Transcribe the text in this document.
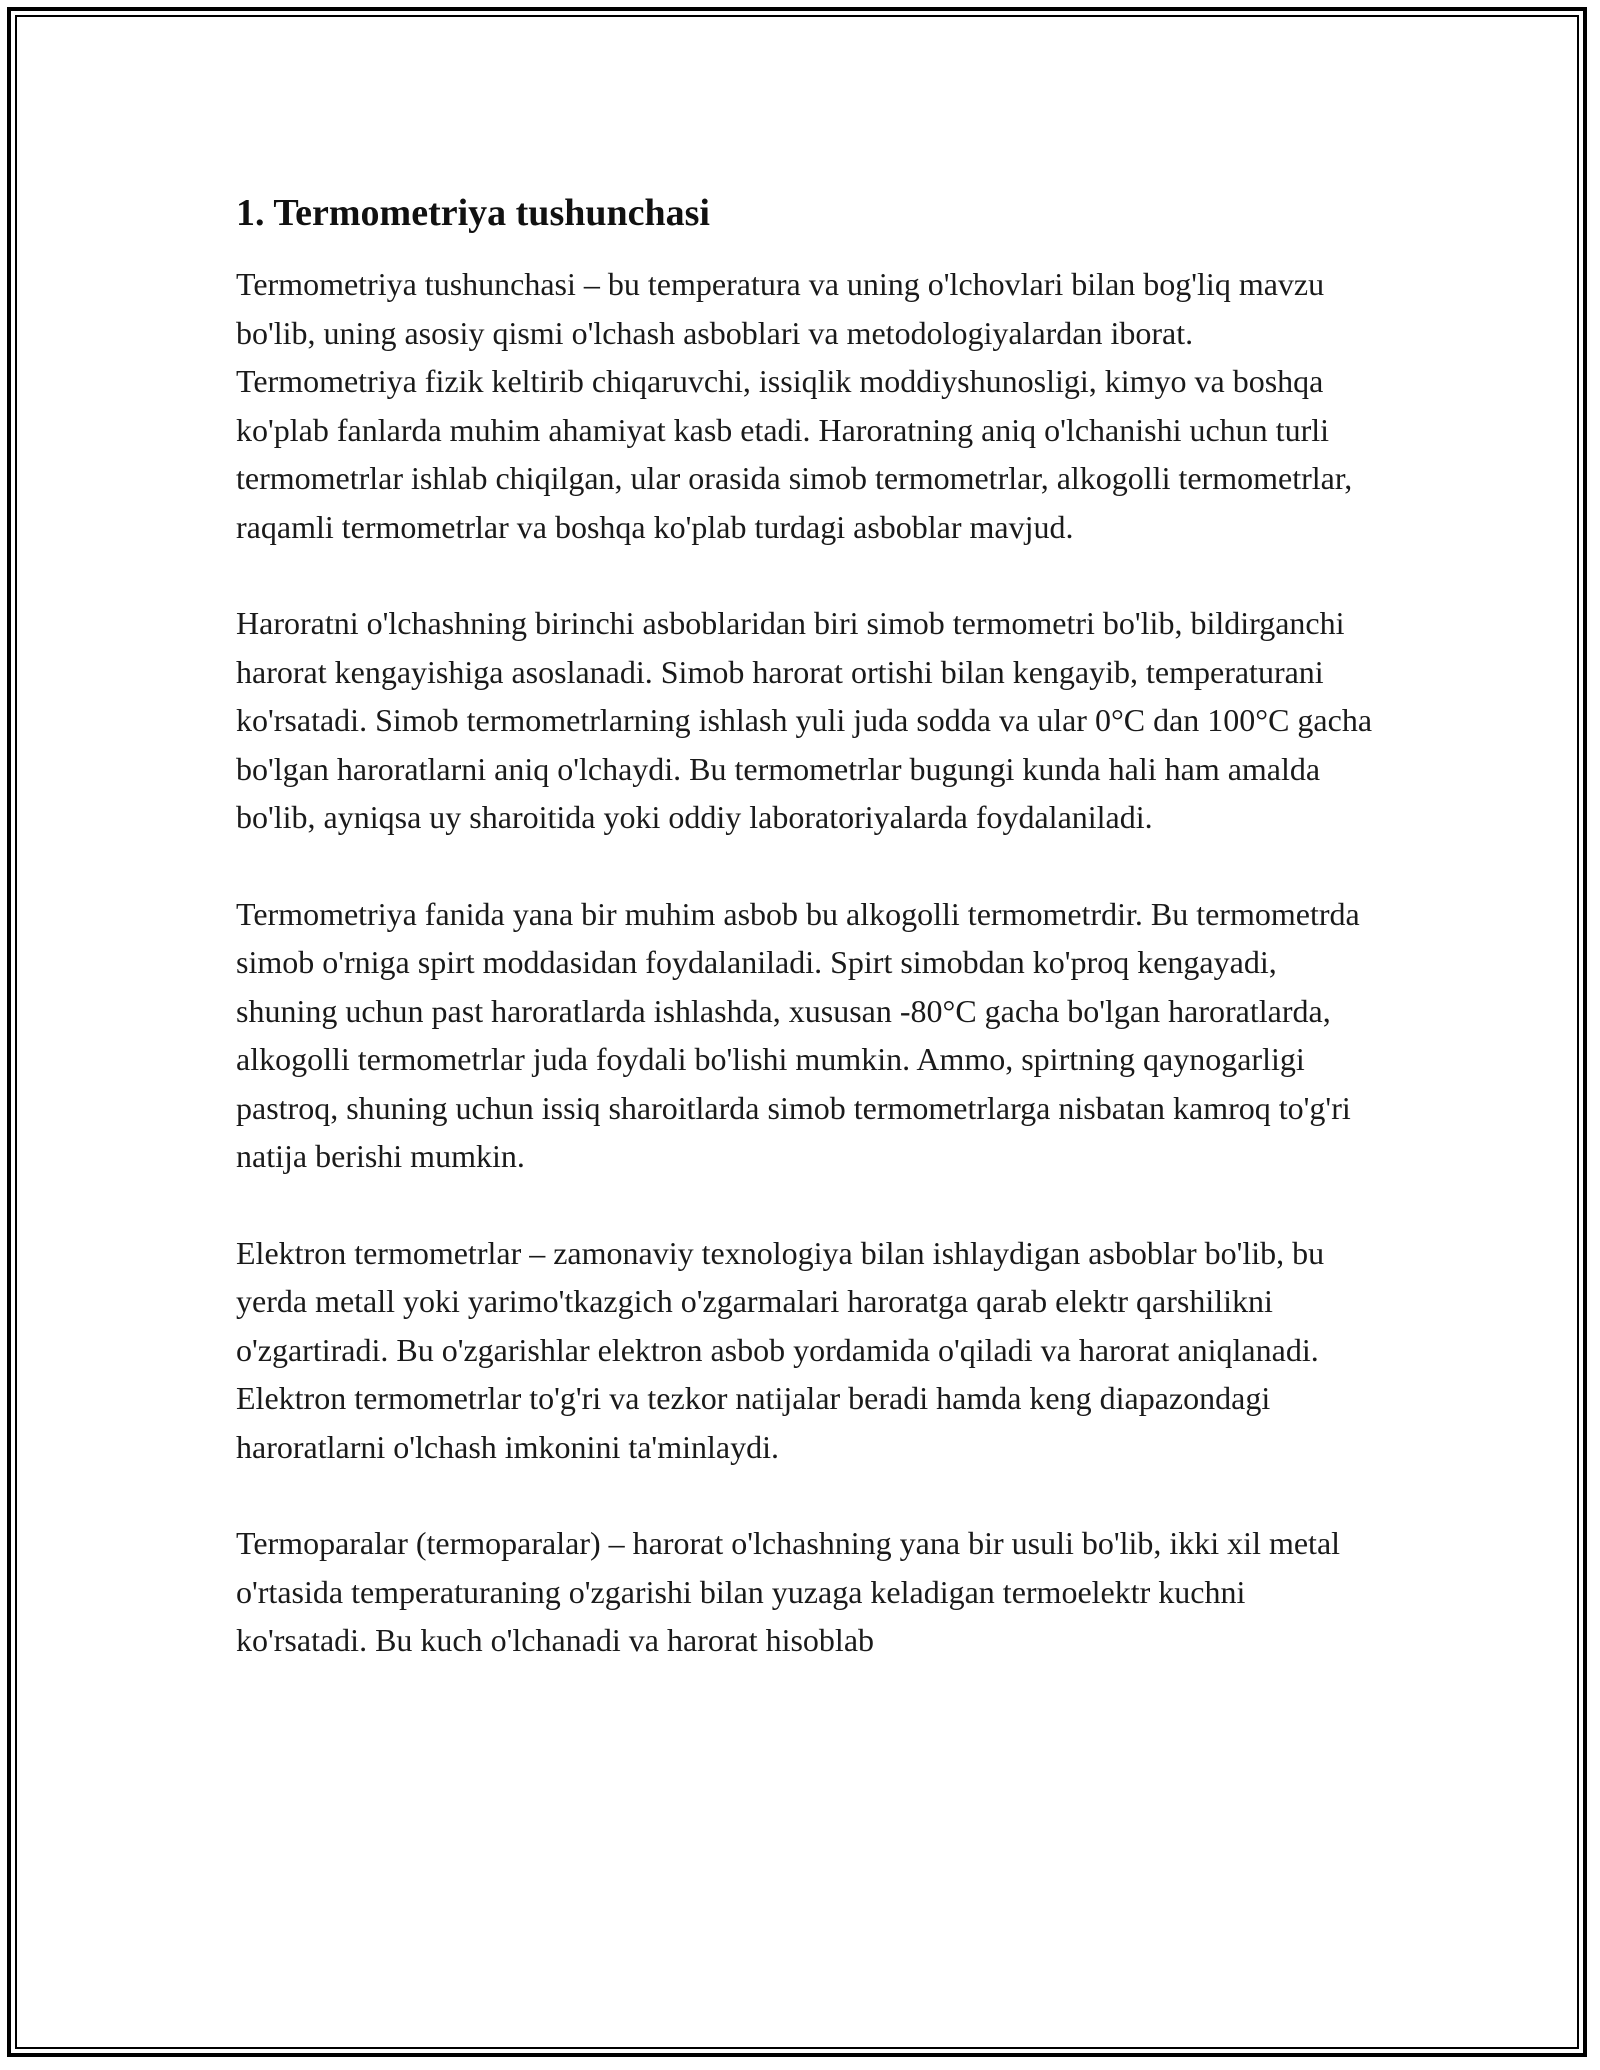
1. Termometriya tushunchasi

Termometriya tushunchasi – bu temperatura va uning o'lchovlari bilan bog'liq mavzu bo'lib, uning asosiy qismi o'lchash asboblari va metodologiyalardan iborat. Termometriya fizik keltirib chiqaruvchi, issiqlik moddiyshunosligi, kimyo va boshqa ko'plab fanlarda muhim ahamiyat kasb etadi. Haroratning aniq o'lchanishi uchun turli termometrlar ishlab chiqilgan, ular orasida simob termometrlar, alkogolli termometrlar, raqamli termometrlar va boshqa ko'plab turdagi asboblar mavjud.

Haroratni o'lchashning birinchi asboblaridan biri simob termometri bo'lib, bildirganchi harorat kengayishiga asoslanadi. Simob harorat ortishi bilan kengayib, temperaturani ko'rsatadi. Simob termometrlarning ishlash yuli juda sodda va ular 0°C dan 100°C gacha bo'lgan haroratlarni aniq o'lchaydi. Bu termometrlar bugungi kunda hali ham amalda bo'lib, ayniqsa uy sharoitida yoki oddiy laboratoriyalarda foydalaniladi.

Termometriya fanida yana bir muhim asbob bu alkogolli termometrdir. Bu termometrda simob o'rniga spirt moddasidan foydalaniladi. Spirt simobdan ko'proq kengayadi, shuning uchun past haroratlarda ishlashda, xususan -80°C gacha bo'lgan haroratlarda, alkogolli termometrlar juda foydali bo'lishi mumkin. Ammo, spirtning qaynogarligi pastroq, shuning uchun issiq sharoitlarda simob termometrlarga nisbatan kamroq to'g'ri natija berishi mumkin.

Elektron termometrlar – zamonaviy texnologiya bilan ishlaydigan asboblar bo'lib, bu yerda metall yoki yarimo'tkazgich o'zgarmalari haroratga qarab elektr qarshilikni o'zgartiradi. Bu o'zgarishlar elektron asbob yordamida o'qiladi va harorat aniqlanadi. Elektron termometrlar to'g'ri va tezkor natijalar beradi hamda keng diapazondagi haroratlarni o'lchash imkonini ta'minlaydi.

Termoparalar (termoparalar) – harorat o'lchashning yana bir usuli bo'lib, ikki xil metal o'rtasida temperaturaning o'zgarishi bilan yuzaga keladigan termoelektr kuchni ko'rsatadi. Bu kuch o'lchanadi va harorat hisoblab
